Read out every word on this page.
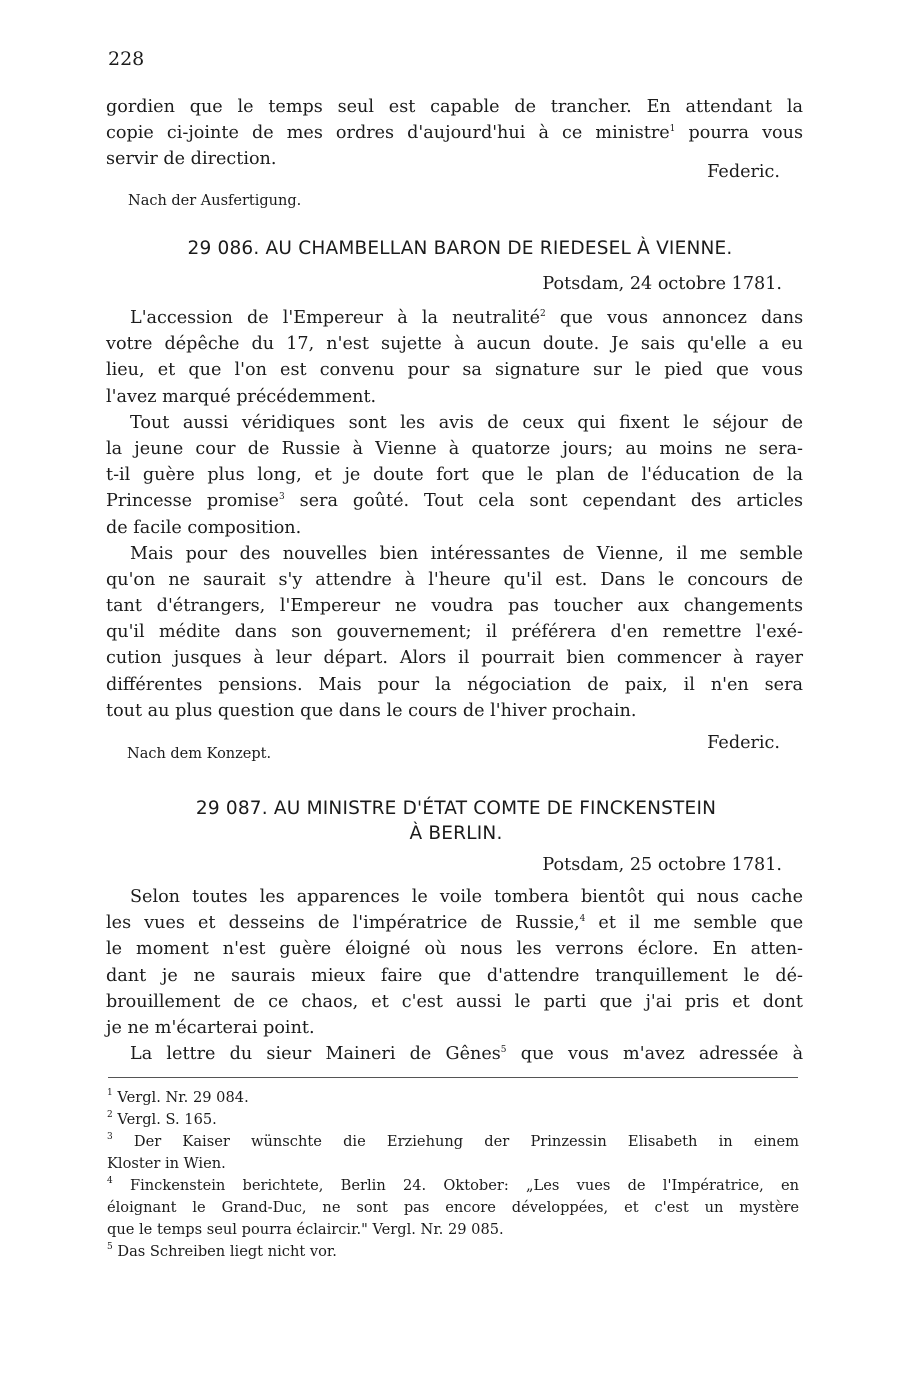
228
gordien que le temps seul est capable de trancher. En attendant la
copie ci-jointe de mes ordres d'aujourd'hui à ce ministre$^1$ pourra vous
servir de direction.
Federic.
Nach der Ausfertigung.
29 086. AU CHAMBELLAN BARON DE RIEDESEL À VIENNE.
Potsdam, 24 octobre 1781.
L'accession de l'Empereur à la neutralité$^2$ que vous annoncez dans
votre dépêche du 17, n'est sujette à aucun doute. Je sais qu'elle a eu
lieu, et que l'on est convenu pour sa signature sur le pied que vous
l'avez marqué précédemment.
Tout aussi véridiques sont les avis de ceux qui fixent le séjour de
la jeune cour de Russie à Vienne à quatorze jours; au moins ne sera-
t-il guère plus long, et je doute fort que le plan de l'éducation de la
Princesse promise$^3$ sera goûté. Tout cela sont cependant des articles
de facile composition.
Mais pour des nouvelles bien intéressantes de Vienne, il me semble
qu'on ne saurait s'y attendre à l'heure qu'il est. Dans le concours de
tant d'étrangers, l'Empereur ne voudra pas toucher aux changements
qu'il médite dans son gouvernement; il préférera d'en remettre l'exé-
cution jusques à leur départ. Alors il pourrait bien commencer à rayer
différentes pensions. Mais pour la négociation de paix, il n'en sera
tout au plus question que dans le cours de l'hiver prochain.
Federic.
Nach dem Konzept.
29 087. AU MINISTRE D'ÉTAT COMTE DE FINCKENSTEIN
À BERLIN.
Potsdam, 25 octobre 1781.
Selon toutes les apparences le voile tombera bientôt qui nous cache
les vues et desseins de l'impératrice de Russie,$^4$ et il me semble que
le moment n'est guère éloigné où nous les verrons éclore. En atten-
dant je ne saurais mieux faire que d'attendre tranquillement le dé-
brouillement de ce chaos, et c'est aussi le parti que j'ai pris et dont
je ne m'écarterai point.
La lettre du sieur Maineri de Gênes$^5$ que vous m'avez adressée à
$^1$ Vergl. Nr. 29 084.
$^2$ Vergl. S. 165.
$^3$ Der Kaiser wünschte die Erziehung der Prinzessin Elisabeth in einem
Kloster in Wien.
$^4$ Finckenstein berichtete, Berlin 24. Oktober: „Les vues de l'Impératrice, en
éloignant le Grand-Duc, ne sont pas encore développées, et c'est un mystère
que le temps seul pourra éclaircir." Vergl. Nr. 29 085.
$^5$ Das Schreiben liegt nicht vor.
